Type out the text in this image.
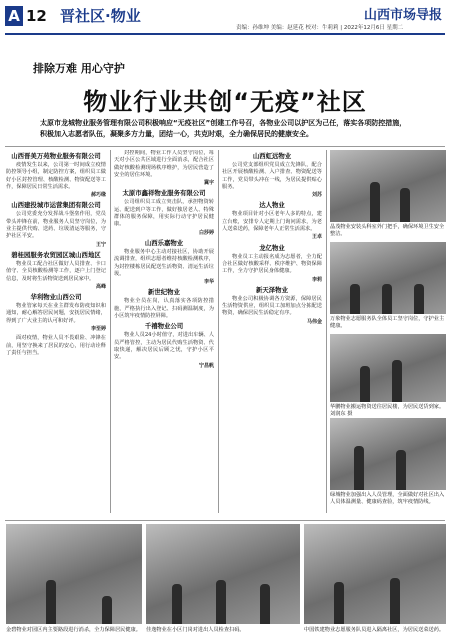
A 12 晋社区·物业	山西市场导报
责编：孙维坤 美编：赵延花 校对：牛莉莉 | 2022年12月6日 星期二
排除万难 用心守护
物业行业共创“无疫”社区
太原市龙城物业服务管理有限公司积极响应“无疫社区”创建工作号召，各物业公司以护区为己任，落实各项防控措施，积极加入志愿者队伍，凝聚多方力量，团结一心，共克时艰，全力确保居民的健康安全。
山西晋美万苑物业服务有限公司

疫情发生以来，公司第一时间成立疫情防控领导小组，制定防控方案，组织员工做好小区封控管理、核酸检测、物资配送等工作，保障居民日常生活需求。

郝巧缘
山西建投城市运营集团有限公司

公司党委充分发挥战斗堡垒作用，党员带头冲锋在前，物业服务人员坚守岗位，为业主提供代购、送药、垃圾清运等服务，守护社区平安。

王宁
碧桂园服务农贸园区城山西地区

物业员工配合社区做好人员排查、卡口值守、全员核酸检测等工作，逐户上门登记信息，及时将生活物资送到居民家中。

高峰
华利物业山西公司

物业管家每天在业主群发布防疫知识和通知，耐心解答居民问题，安抚居民情绪，得到了广大业主的认可和好评。

李至婷

面对疫情，物业人员不畏艰险、冲锋在前，用坚守换来了居民的安心，用行动诠释了责任与担当。

封控期间，物业工作人员坚守岗位，每天对小区公共区域进行全面消杀，配合社区做好核酸检测现场秩序维护，为居民营造了安全的居住环境。

冀宇
太原市鑫祥物业服务有限公司

公司组织员工成立突击队，承担物资转运、配送到户等工作，做好独居老人、特殊群体的服务保障，用实际行动守护居民健康。

白莎婷
山西乐嘉物业

物业服务中心主动对接社区，协助开展流调排查，组织志愿者维持核酸检测秩序，为封控楼栋居民配送生活物资、清运生活垃圾。

李华
新世纪物业

物业全员在岗，认真落实各项防控措施，严格执行出入登记、扫码测温制度，为小区筑牢疫情防控屏障。

千禧物业公司

物业人员24小时值守，对进出车辆、人员严格管控，主动为居民代购生活物资、代取快递，解决居民后顾之忧，守护小区平安。

宁昌帆
山西虹远物业

公司党支部组织党员成立先锋队，配合社区开展核酸检测、入户排查、物资配送等工作，党员带头冲在一线，为居民提供贴心服务。

刘苏
达人物业

物业项目针对小区老年人多的特点，建立台账，安排专人定期上门询问需求，为老人送菜送药，保障老年人正常生活需求。

王卓
龙亿物业

物业员工主动报名成为志愿者，全力配合社区做好核酸采样、秩序维护、物资保障工作，全力守护居民身体健康。

李莉
新天泽物业

物业公司积极协调各方资源，保障居民生活物资供应，组织员工加班加点分拣配送物资，确保居民生活稳定有序。

马伟金
晶茂物业安装头科室外门把手，确保环境卫生安全整洁。
万象物业志愿服务队全体员工坚守岗位，守护业主健康。
华鹏物业搬运物资送往居民楼，为居民送货到家。 刘润东 摄
绿城物业加强出入人员管理，全面做好对社区出入人员体温测量、健康码查验，筑牢疫情防线。
金碧物业对园区内主要路段进行消杀，全力保障居民健康。 佳逸物业在小区门岗对进出人员检查扫码。	中国铁建物业志愿服务队员进入隔离社区，为居民送菜送药。
